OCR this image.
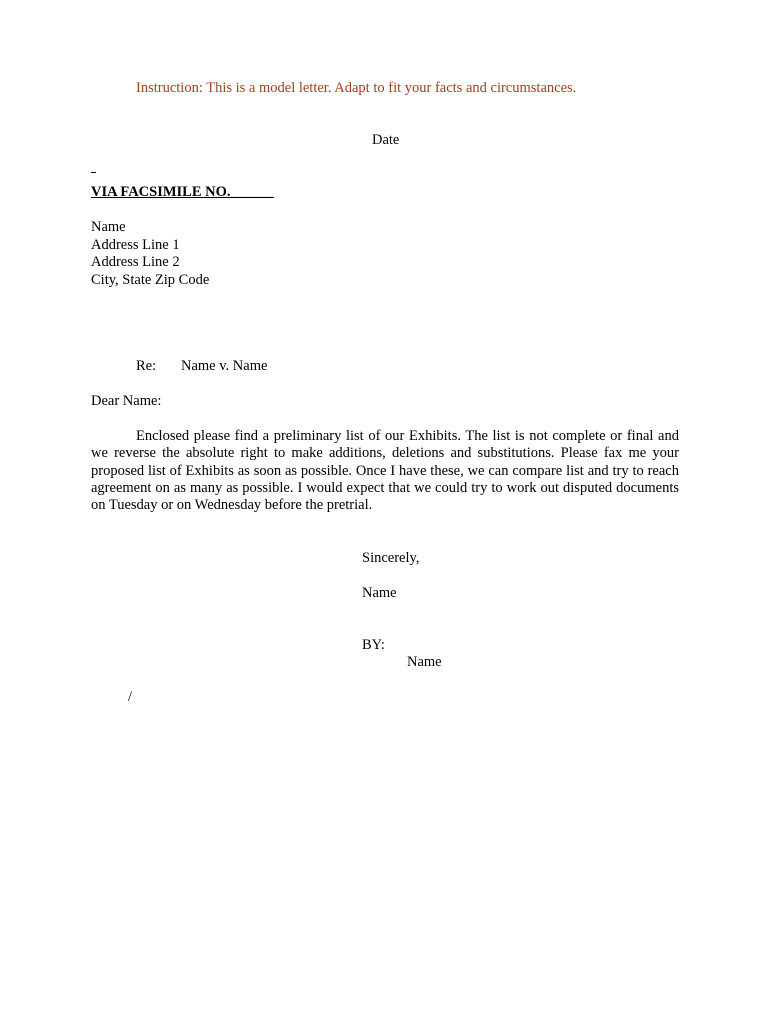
Instruction: This is a model letter. Adapt to fit your facts and circumstances.
Date
VIA FACSIMILE NO.______
Name
Address Line 1
Address Line 2
City, State Zip Code
Re: Name v. Name
Dear Name:
Enclosed please find a preliminary list of our Exhibits. The list is not complete or final and we reverse the absolute right to make additions, deletions and substitutions. Please fax me your proposed list of Exhibits as soon as possible. Once I have these, we can compare list and try to reach agreement on as many as possible. I would expect that we could try to work out disputed documents on Tuesday or on Wednesday before the pretrial.
Sincerely,
Name
BY:
Name
/
